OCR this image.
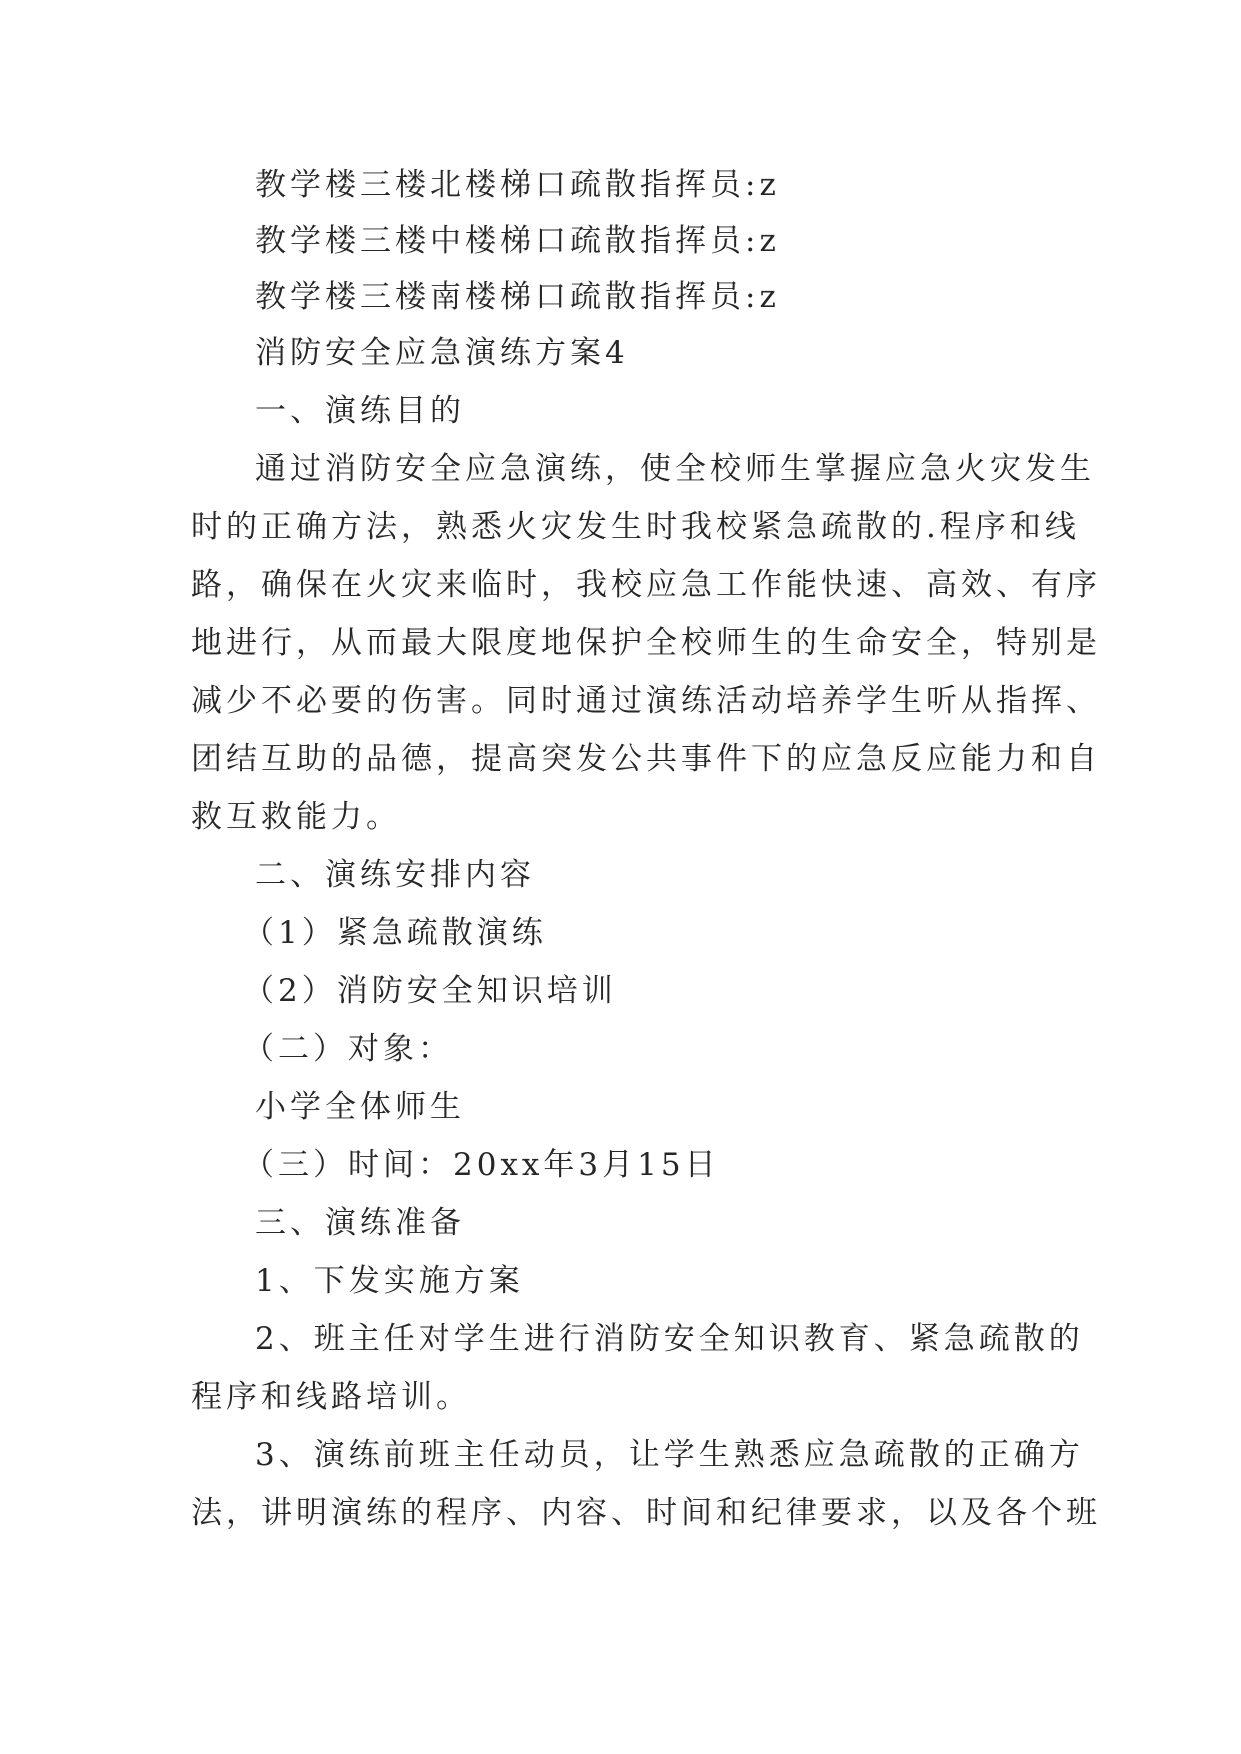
教学楼三楼北楼梯口疏散指挥员:z
教学楼三楼中楼梯口疏散指挥员:z
教学楼三楼南楼梯口疏散指挥员:z
消防安全应急演练方案4
一、演练目的
通过消防安全应急演练，使全校师生掌握应急火灾发生
时的正确方法，熟悉火灾发生时我校紧急疏散的.程序和线
路，确保在火灾来临时，我校应急工作能快速、高效、有序
地进行，从而最大限度地保护全校师生的生命安全，特别是
减少不必要的伤害。同时通过演练活动培养学生听从指挥、
团结互助的品德，提高突发公共事件下的应急反应能力和自
救互救能力。
二、演练安排内容
（1）紧急疏散演练
（2）消防安全知识培训
（二）对象：
小学全体师生
（三）时间：20xx年3月15日
三、演练准备
1、下发实施方案
2、班主任对学生进行消防安全知识教育、紧急疏散的
程序和线路培训。
3、演练前班主任动员，让学生熟悉应急疏散的正确方
法，讲明演练的程序、内容、时间和纪律要求，以及各个班
